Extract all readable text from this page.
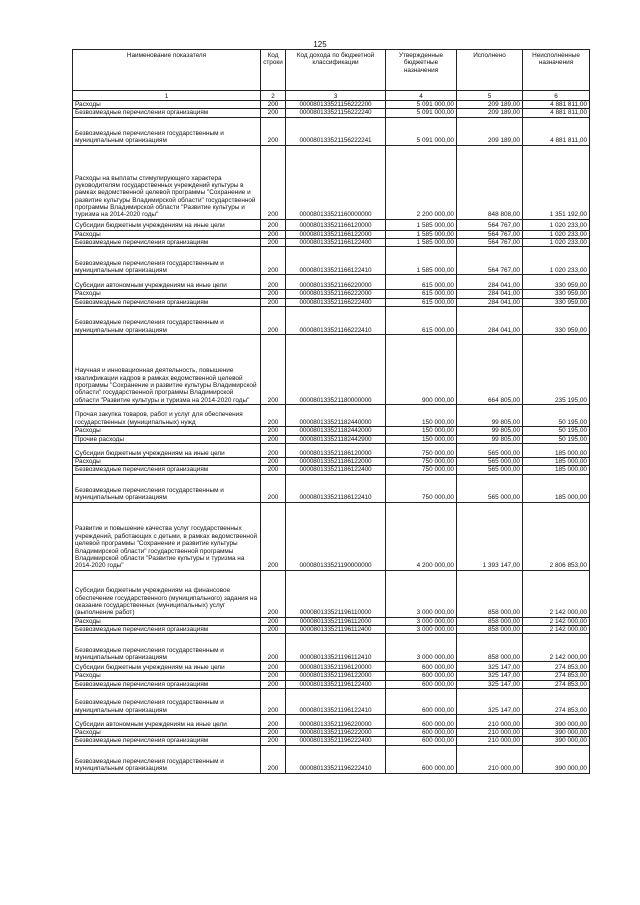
125
Наименование показателя	Код строки	Код дохода по бюджетной классификации	Утвержденные бюджетные назначения	Исполнено	Неисполненные назначения
1	2	3	4	5	6
Расходы	200	000080133521156222200	5 091 000,00	209 189,00	4 881 811,00
Безвозмездные перечисления организациям	200	000080133521156222240	5 091 000,00	209 189,00	4 881 811,00
Безвозмездные перечисления государственным и муниципальным организациям	200	000080133521156222241	5 091 000,00	209 189,00	4 881 811,00
Расходы на выплаты стимулирующего характера руководителям государственных учреждений культуры в рамках ведомственной целевой программы "Сохранение и развитие культуры Владимирской области" государственной программы Владимирской области "Развитие культуры и туризма на 2014-2020 годы"	200	000080133521160000000	2 200 000,00	848 808,00	1 351 192,00
Субсидии бюджетным учреждениям на иные цели	200	000080133521166120000	1 585 000,00	564 767,00	1 020 233,00
Расходы	200	000080133521166122000	1 585 000,00	564 767,00	1 020 233,00
Безвозмездные перечисления организациям	200	000080133521166122400	1 585 000,00	564 767,00	1 020 233,00
Безвозмездные перечисления государственным и муниципальным организациям	200	000080133521166122410	1 585 000,00	564 767,00	1 020 233,00
Субсидии автономным учреждениям на иные цели	200	000080133521166220000	615 000,00	284 041,00	330 959,00
Расходы	200	000080133521166222000	615 000,00	284 041,00	330 959,00
Безвозмездные перечисления организациям	200	000080133521166222400	615 000,00	284 041,00	330 959,00
Безвозмездные перечисления государственным и муниципальным организациям	200	000080133521166222410	615 000,00	284 041,00	330 959,00
Научная и инновационная деятельность, повышение квалификации кадров в рамках ведомственной целевой программы "Сохранение и развитие культуры Владимирской области" государственной программы Владимирской области "Развитие культуры и туризма на 2014-2020 годы"	200	000080133521180000000	900 000,00	664 805,00	235 195,00
Прочая закупка товаров, работ и услуг для обеспечения государственных (муниципальных) нужд	200	000080133521182440000	150 000,00	99 805,00	50 195,00
Расходы	200	000080133521182442000	150 000,00	99 805,00	50 195,00
Прочие расходы	200	000080133521182442900	150 000,00	99 805,00	50 195,00
Субсидии бюджетным учреждениям на иные цели	200	000080133521186120000	750 000,00	565 000,00	185 000,00
Расходы	200	000080133521186122000	750 000,00	565 000,00	185 000,00
Безвозмездные перечисления организациям	200	000080133521186122400	750 000,00	565 000,00	185 000,00
Безвозмездные перечисления государственным и муниципальным организациям	200	000080133521186122410	750 000,00	565 000,00	185 000,00
Развитие и повышение качества услуг государственных учреждений, работающих с детьми, в рамках ведомственной целевой программы "Сохранение и развитие культуры Владимирской области" государственной программы Владимирской области "Развитие культуры и туризма на 2014-2020 годы"	200	000080133521190000000	4 200 000,00	1 393 147,00	2 806 853,00
Субсидии бюджетным учреждениям на финансовое обеспечение государственного (муниципального) задания на оказание государственных (муниципальных) услуг (выполнение работ)	200	000080133521196110000	3 000 000,00	858 000,00	2 142 000,00
Расходы	200	000080133521196112000	3 000 000,00	858 000,00	2 142 000,00
Безвозмездные перечисления организациям	200	000080133521196112400	3 000 000,00	858 000,00	2 142 000,00
Безвозмездные перечисления государственным и муниципальным организациям	200	000080133521196112410	3 000 000,00	858 000,00	2 142 000,00
Субсидии бюджетным учреждениям на иные цели	200	000080133521196120000	600 000,00	325 147,00	274 853,00
Расходы	200	000080133521196122000	600 000,00	325 147,00	274 853,00
Безвозмездные перечисления организациям	200	000080133521196122400	600 000,00	325 147,00	274 853,00
Безвозмездные перечисления государственным и муниципальным организациям	200	000080133521196122410	600 000,00	325 147,00	274 853,00
Субсидии автономным учреждениям на иные цели	200	000080133521196220000	600 000,00	210 000,00	390 000,00
Расходы	200	000080133521196222000	600 000,00	210 000,00	390 000,00
Безвозмездные перечисления организациям	200	000080133521196222400	600 000,00	210 000,00	390 000,00
Безвозмездные перечисления государственным и муниципальным организациям	200	000080133521196222410	600 000,00	210 000,00	390 000,00
